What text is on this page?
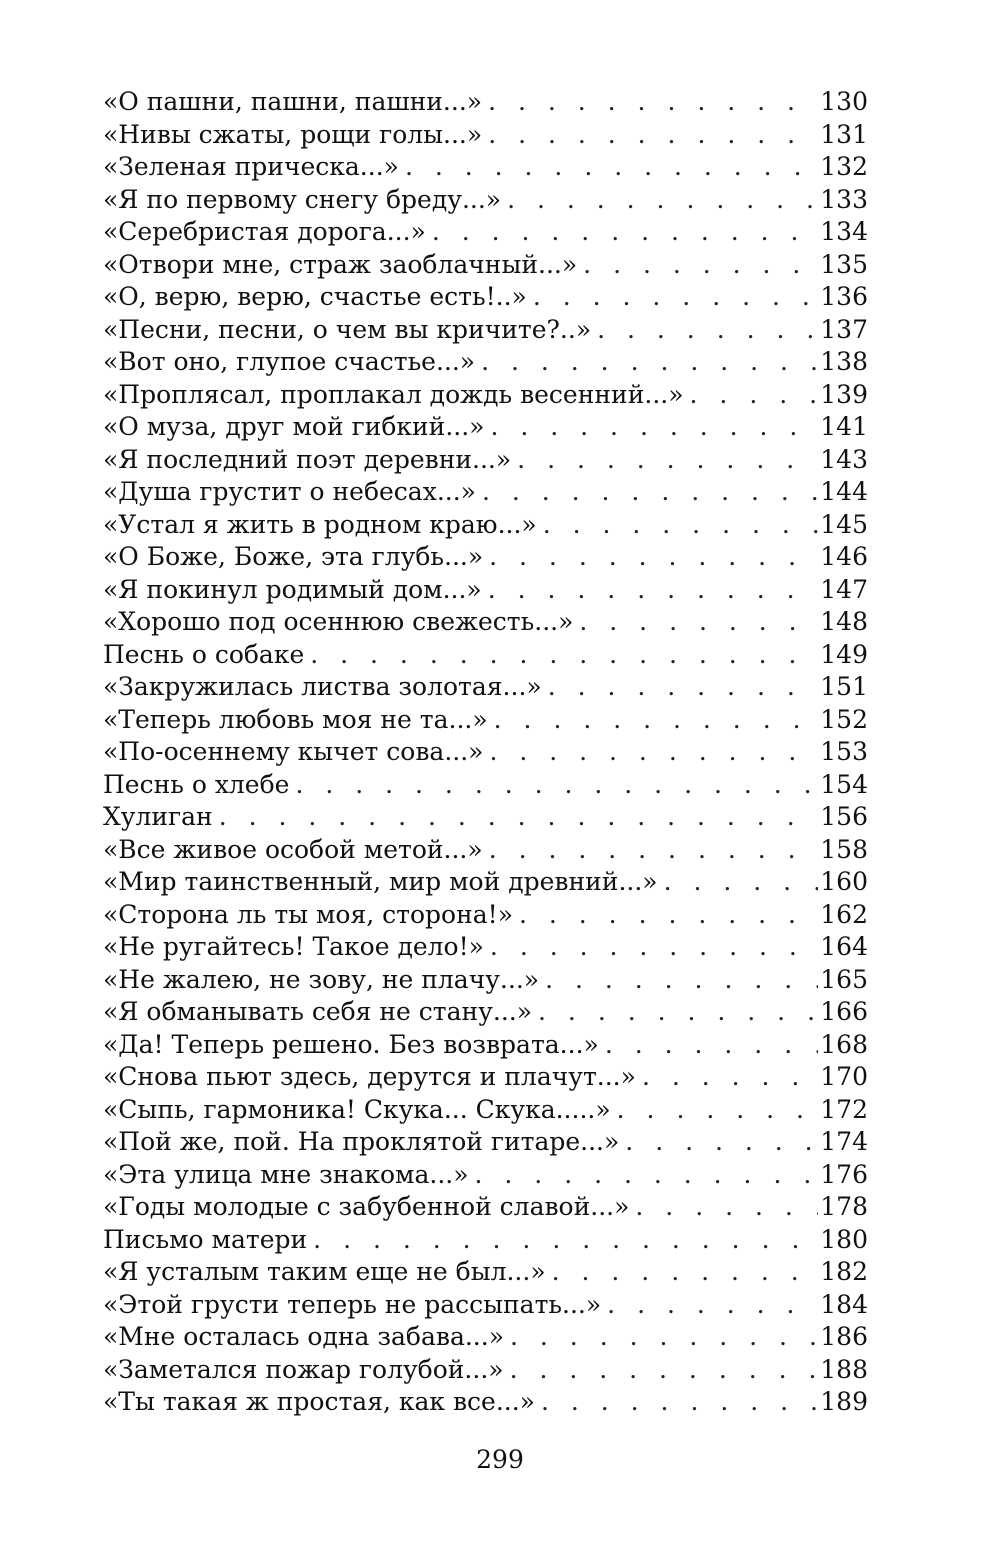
«О пашни, пашни, пашни...» . . .	130
«Нивы сжаты, рощи голы...» . . .	131
«Зеленая прическа...» . . .	132
«Я по первому снегу бреду...» . . .	133
«Серебристая дорога...» . . .	134
«Отвори мне, страж заоблачный...» . . .	135
«О, верю, верю, счастье есть!..» . . .	136
«Песни, песни, о чем вы кричите?..» . . .	137
«Вот оно, глупое счастье...» . . .	138
«Проплясал, проплакал дождь весенний...» . . .	139
«О муза, друг мой гибкий...» . . .	141
«Я последний поэт деревни...» . . .	143
«Душа грустит о небесах...» . . .	144
«Устал я жить в родном краю...» . . .	145
«О Боже, Боже, эта глубь...» . . .	146
«Я покинул родимый дом...» . . .	147
«Хорошо под осеннюю свежесть...» . . .	148
Песнь о собаке . . .	149
«Закружилась листва золотая...» . . .	151
«Теперь любовь моя не та...» . . .	152
«По-осеннему кычет сова...» . . .	153
Песнь о хлебе . . .	154
Хулиган . . .	156
«Все живое особой метой...» . . .	158
«Мир таинственный, мир мой древний...» . . .	160
«Сторона ль ты моя, сторона!» . . .	162
«Не ругайтесь! Такое дело!» . . .	164
«Не жалею, не зову, не плачу...» . . .	165
«Я обманывать себя не стану...» . . .	166
«Да! Теперь решено. Без возврата...» . . .	168
«Снова пьют здесь, дерутся и плачут...» . . .	170
«Сыпь, гармоника! Скука... Скука.....» . . .	172
«Пой же, пой. На проклятой гитаре...» . . .	174
«Эта улица мне знакома...» . . .	176
«Годы молодые с забубенной славой...» . . .	178
Письмо матери . . .	180
«Я усталым таким еще не был...» . . .	182
«Этой грусти теперь не рассыпать...» . . .	184
«Мне осталась одна забава...» . . .	186
«Заметался пожар голубой...» . . .	188
«Ты такая ж простая, как все...» . . .	189
299
